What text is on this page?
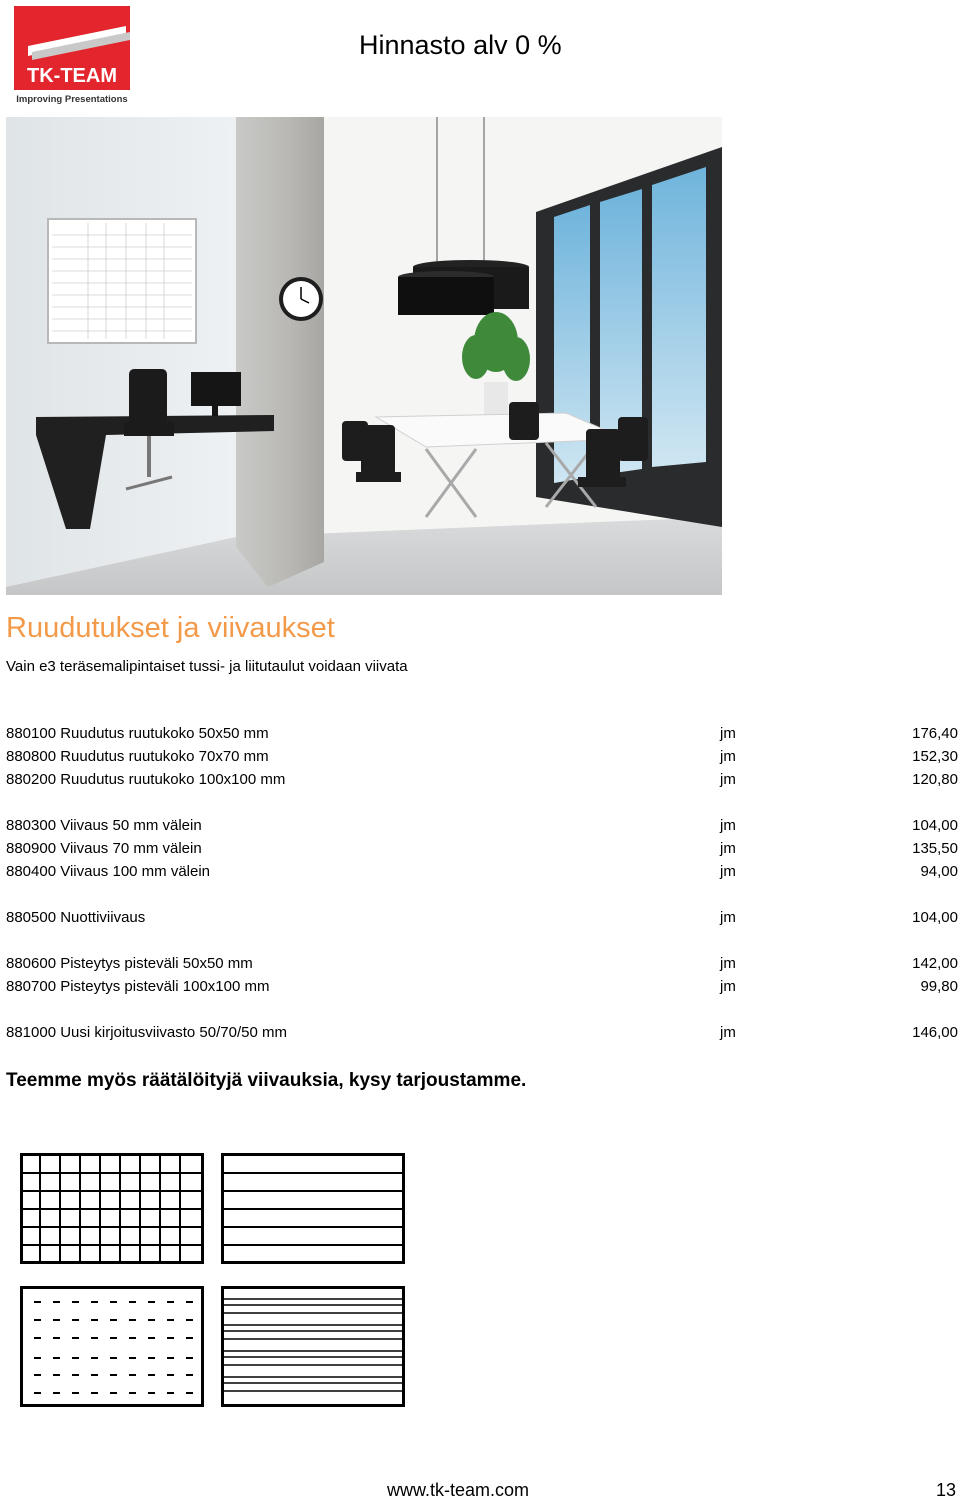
TK-TEAM
Improving Presentations
Hinnasto alv 0 %
Ruudutukset ja viivaukset

Vain e3 teräsemalipintaiset tussi- ja liitutaulut voidaan viivata

880100 Ruudutus ruutukoko 50x50 mm	jm	176,40
880800 Ruudutus ruutukoko 70x70 mm	jm	152,30
880200 Ruudutus ruutukoko 100x100 mm	jm	120,80
880300 Viivaus 50 mm välein	jm	104,00
880900 Viivaus 70 mm välein	jm	135,50
880400 Viivaus 100 mm välein	jm	94,00
880500 Nuottiviivaus	jm	104,00
880600 Pisteytys pisteväli 50x50 mm	jm	142,00
880700 Pisteytys pisteväli 100x100 mm	jm	99,80
881000 Uusi kirjoitusviivasto 50/70/50 mm	jm	146,00

Teemme myös räätälöityjä viivauksia, kysy tarjoustamme.

www.tk-team.com	13
